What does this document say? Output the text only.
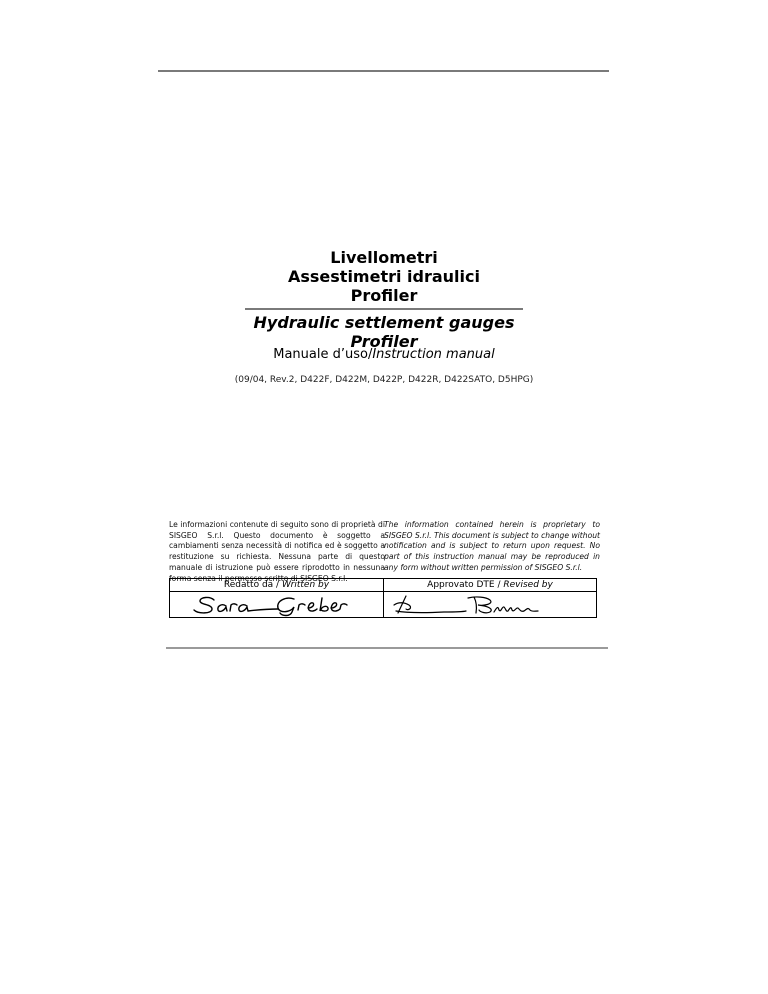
Livellometri
Assestimetri idraulici
Profiler
Hydraulic settlement gauges
Profiler
Manuale d’uso/Instruction manual
(09/04, Rev.2, D422F, D422M, D422P, D422R, D422SATO, D5HPG)
Le informazioni contenute di seguito sono di proprietà di SISGEO S.r.l. Questo documento è soggetto a cambiamenti senza necessità di notifica ed è soggetto a restituzione su richiesta. Nessuna parte di questo manuale di istruzione può essere riprodotto in nessuna forma senza il permesso scritto di SISGEO S.r.l.
The information contained herein is proprietary to SISGEO S.r.l. This document is subject to change without notification and is subject to return upon request. No part of this instruction manual may be reproduced in any form without written permission of SISGEO S.r.l.
Redatto da / Written by	Approvato DTE / Revised by
